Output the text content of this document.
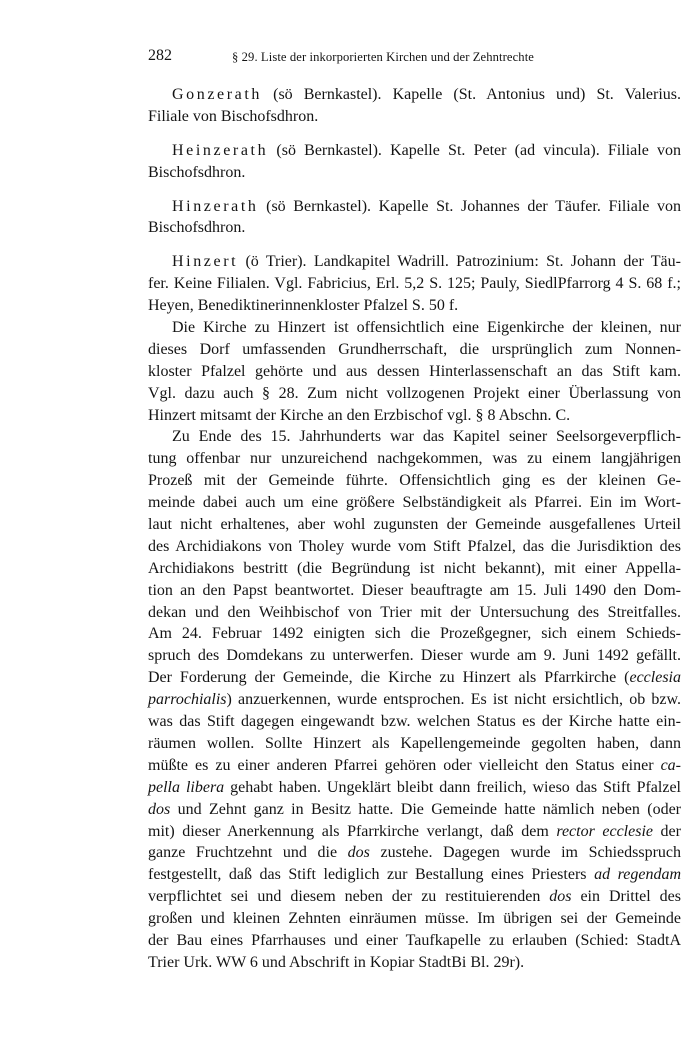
282	§ 29. Liste der inkorporierten Kirchen und der Zehntrechte
Gonzerath (sö Bernkastel). Kapelle (St. Antonius und) St. Valerius.
Filiale von Bischofsdhron.
Heinzerath (sö Bernkastel). Kapelle St. Peter (ad vincula). Filiale von
Bischofsdhron.
Hinzerath (sö Bernkastel). Kapelle St. Johannes der Täufer. Filiale von
Bischofsdhron.
Hinzert (ö Trier). Landkapitel Wadrill. Patrozinium: St. Johann der Täu-
fer. Keine Filialen. Vgl. Fabricius, Erl. 5,2 S. 125; Pauly, SiedlPfarrorg 4 S. 68 f.;
Heyen, Benediktinerinnenkloster Pfalzel S. 50 f.
Die Kirche zu Hinzert ist offensichtlich eine Eigenkirche der kleinen, nur
dieses Dorf umfassenden Grundherrschaft, die ursprünglich zum Nonnen-
kloster Pfalzel gehörte und aus dessen Hinterlassenschaft an das Stift kam.
Vgl. dazu auch § 28. Zum nicht vollzogenen Projekt einer Überlassung von
Hinzert mitsamt der Kirche an den Erzbischof vgl. § 8 Abschn. C.
Zu Ende des 15. Jahrhunderts war das Kapitel seiner Seelsorgeverpflich-
tung offenbar nur unzureichend nachgekommen, was zu einem langjährigen
Prozeß mit der Gemeinde führte. Offensichtlich ging es der kleinen Ge-
meinde dabei auch um eine größere Selbständigkeit als Pfarrei. Ein im Wort-
laut nicht erhaltenes, aber wohl zugunsten der Gemeinde ausgefallenes Urteil
des Archidiakons von Tholey wurde vom Stift Pfalzel, das die Jurisdiktion des
Archidiakons bestritt (die Begründung ist nicht bekannt), mit einer Appella-
tion an den Papst beantwortet. Dieser beauftragte am 15. Juli 1490 den Dom-
dekan und den Weihbischof von Trier mit der Untersuchung des Streitfalles.
Am 24. Februar 1492 einigten sich die Prozeßgegner, sich einem Schieds-
spruch des Domdekans zu unterwerfen. Dieser wurde am 9. Juni 1492 gefällt.
Der Forderung der Gemeinde, die Kirche zu Hinzert als Pfarrkirche (ecclesia
parrochialis) anzuerkennen, wurde entsprochen. Es ist nicht ersichtlich, ob bzw.
was das Stift dagegen eingewandt bzw. welchen Status es der Kirche hatte ein-
räumen wollen. Sollte Hinzert als Kapellengemeinde gegolten haben, dann
müßte es zu einer anderen Pfarrei gehören oder vielleicht den Status einer ca-
pella libera gehabt haben. Ungeklärt bleibt dann freilich, wieso das Stift Pfalzel
dos und Zehnt ganz in Besitz hatte. Die Gemeinde hatte nämlich neben (oder
mit) dieser Anerkennung als Pfarrkirche verlangt, daß dem rector ecclesie der
ganze Fruchtzehnt und die dos zustehe. Dagegen wurde im Schiedsspruch
festgestellt, daß das Stift lediglich zur Bestallung eines Priesters ad regendam
verpflichtet sei und diesem neben der zu restituierenden dos ein Drittel des
großen und kleinen Zehnten einräumen müsse. Im übrigen sei der Gemeinde
der Bau eines Pfarrhauses und einer Taufkapelle zu erlauben (Schied: StadtA
Trier Urk. WW 6 und Abschrift in Kopiar StadtBi Bl. 29r).
